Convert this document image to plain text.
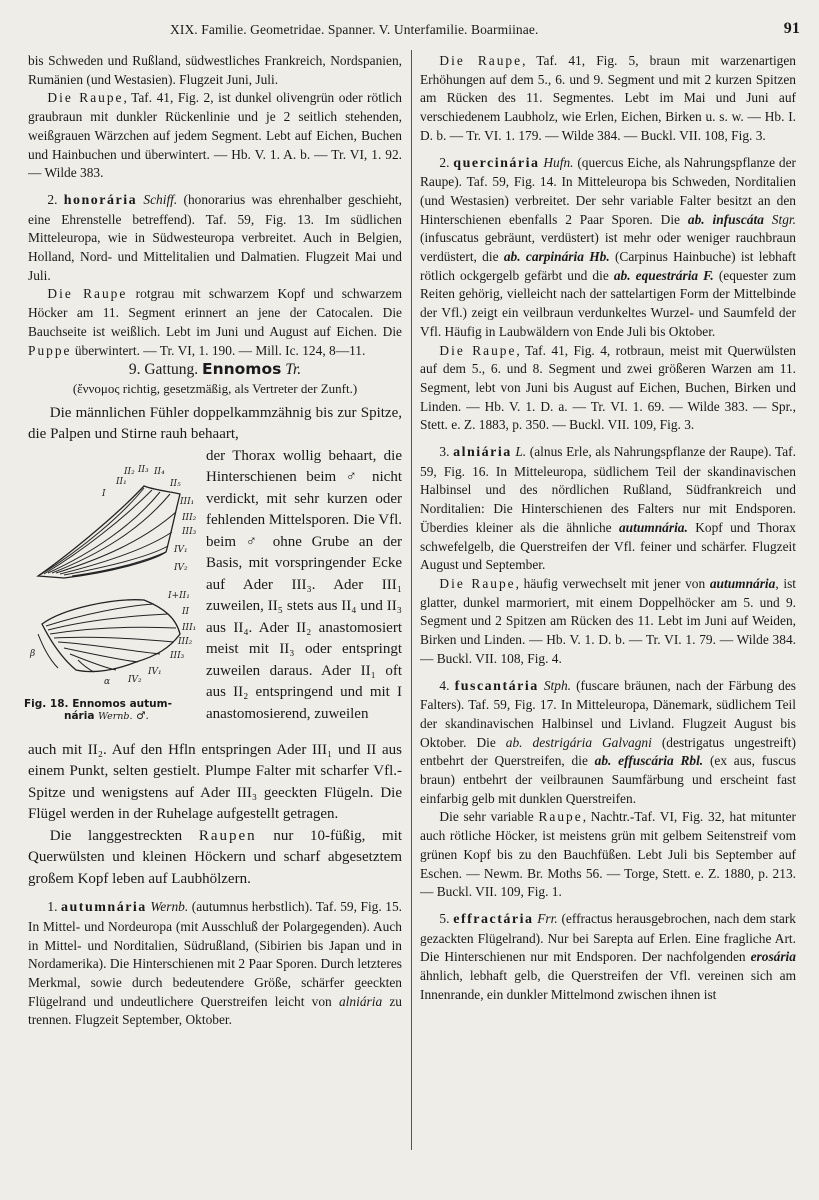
XIX. Familie. Geometridae. Spanner. V. Unterfamilie. Boarmiinae.	91

bis Schweden und Rußland, südwestliches Frankreich, Nordspanien, Rumänien (und Westasien). Flugzeit Juni, Juli.

Die Raupe, Taf. 41, Fig. 2, ist dunkel olivengrün oder rötlich graubraun mit dunkler Rückenlinie und je 2 seitlich stehenden, weißgrauen Wärzchen auf jedem Segment. Lebt auf Eichen, Buchen und Hainbuchen und überwintert. — Hb. V. 1. A. b. — Tr. VI, 1. 92. — Wilde 383.

2. honorária Schiff. (honorarius was ehrenhalber geschieht, eine Ehrenstelle betreffend). Taf. 59, Fig. 13. Im südlichen Mitteleuropa, wie in Südwesteuropa verbreitet. Auch in Belgien, Holland, Nord- und Mittelitalien und Dalmatien. Flugzeit Mai und Juli.

Die Raupe rotgrau mit schwarzem Kopf und schwarzem Höcker am 11. Segment erinnert an jene der Catocalen. Die Bauchseite ist weißlich. Lebt im Juni und August auf Eichen. Die Puppe überwintert. — Tr. VI, 1. 190. — Mill. Ic. 124, 8—11.

9. Gattung. Ennomos Tr.

(ἔννομος richtig, gesetzmäßig, als Vertreter der Zunft.)

Die männlichen Fühler doppelkammzähnig bis zur Spitze, die Palpen und Stirne rauh behaart,

II₂ II₃ II₄
II₅
II₁
I
III₁
III₂
III₃
IV₁
IV₂
I+II₁
II
III₁
III₂
III₃
IV₁
IV₂
β
α
Fig. 18. Ennomos autum-
nária Wernb. ♂.

der Thorax wollig behaart, die Hinterschienen beim ♂ nicht verdickt, mit sehr kurzen oder fehlenden Mittelsporen. Die Vfl. beim ♂ ohne Grube an der Basis, mit vorspringender Ecke auf Ader III₃. Ader III₁ zuweilen, II₅ stets aus II₄ und II₃ aus II₄. Ader II₂ anastomosiert meist mit II₃ oder entspringt zuweilen daraus. Ader II₁ oft aus II₂ entspringend und mit I anastomosierend, zuweilen

auch mit II₂. Auf den Hfln entspringen Ader III₁ und II aus einem Punkt, selten gestielt. Plumpe Falter mit scharfer Vfl.-Spitze und wenigstens auf Ader III₃ geeckten Flügeln. Die Flügel werden in der Ruhelage aufgestellt getragen.

Die langgestreckten Raupen nur 10-füßig, mit Querwülsten und kleinen Höckern und scharf abgesetztem großem Kopf leben auf Laubhölzern.

1. autumnária Wernb. (autumnus herbstlich). Taf. 59, Fig. 15. In Mittel- und Nordeuropa (mit Ausschluß der Polargegenden). Auch in Mittel- und Norditalien, Südrußland, (Sibirien bis Japan und in Nordamerika). Die Hinterschienen mit 2 Paar Sporen. Durch letzteres Merkmal, sowie durch bedeutendere Größe, schärfer geeckten Flügelrand und undeutlichere Querstreifen leicht von alniária zu trennen. Flugzeit September, Oktober.

Die Raupe, Taf. 41, Fig. 5, braun mit warzenartigen Erhöhungen auf dem 5., 6. und 9. Segment und mit 2 kurzen Spitzen am Rücken des 11. Segmentes. Lebt im Mai und Juni auf verschiedenem Laubholz, wie Erlen, Eichen, Birken u. s. w. — Hb. I. D. b. — Tr. VI. 1. 179. — Wilde 384. — Buckl. VII. 108, Fig. 3.

2. quercinária Hufn. (quercus Eiche, als Nahrungspflanze der Raupe). Taf. 59, Fig. 14. In Mitteleuropa bis Schweden, Norditalien (und Westasien) verbreitet. Der sehr variable Falter besitzt an den Hinterschienen ebenfalls 2 Paar Sporen. Die ab. infuscáta Stgr. (infuscatus gebräunt, verdüstert) ist mehr oder weniger rauchbraun verdüstert, die ab. carpinária Hb. (Carpinus Hainbuche) ist lebhaft rötlich ockgergelb gefärbt und die ab. equestrária F. (equester zum Reiten gehörig, vielleicht nach der sattelartigen Form der Mittelbinde der Vfl.) zeigt ein veilbraun verdunkeltes Wurzel- und Saumfeld der Vfl. Häufig in Laubwäldern von Ende Juli bis Oktober.

Die Raupe, Taf. 41, Fig. 4, rotbraun, meist mit Querwülsten auf dem 5., 6. und 8. Segment und zwei größeren Warzen am 11. Segment, lebt von Juni bis August auf Eichen, Buchen, Birken und Linden. — Hb. V. 1. D. a. — Tr. VI. 1. 69. — Wilde 383. — Spr., Stett. e. Z. 1883, p. 350. — Buckl. VII. 109, Fig. 3.

3. alniária L. (alnus Erle, als Nahrungspflanze der Raupe). Taf. 59, Fig. 16. In Mitteleuropa, südlichem Teil der skandinavischen Halbinsel und des nördlichen Rußland, Südfrankreich und Norditalien: Die Hinterschienen des Falters nur mit Endsporen. Überdies kleiner als die ähnliche autumnária. Kopf und Thorax schwefelgelb, die Querstreifen der Vfl. feiner und schärfer. Flugzeit August und September.

Die Raupe, häufig verwechselt mit jener von autumnária, ist glatter, dunkel marmoriert, mit einem Doppelhöcker am 5. und 9. Segment und 2 Spitzen am Rücken des 11. Lebt im Juni auf Weiden, Birken und Linden. — Hb. V. 1. D. b. — Tr. VI. 1. 79. — Wilde 384. — Buckl. VII. 108, Fig. 4.

4. fuscantária Stph. (fuscare bräunen, nach der Färbung des Falters). Taf. 59, Fig. 17. In Mitteleuropa, Dänemark, südlichem Teil der skandinavischen Halbinsel und Livland. Flugzeit August bis Oktober. Die ab. destrigária Galvagni (destrigatus ungestreift) entbehrt der Querstreifen, die ab. effuscária Rbl. (ex aus, fuscus braun) entbehrt der veilbraunen Saumfärbung und erscheint fast einfarbig gelb mit dunklen Querstreifen.

Die sehr variable Raupe, Nachtr.-Taf. VI, Fig. 32, hat mitunter auch rötliche Höcker, ist meistens grün mit gelbem Seitenstreif vom grünen Kopf bis zu den Bauchfüßen. Lebt Juli bis September auf Eschen. — Newm. Br. Moths 56. — Torge, Stett. e. Z. 1880, p. 213. — Buckl. VII. 109, Fig. 1.

5. effractária Frr. (effractus herausgebrochen, nach dem stark gezackten Flügelrand). Nur bei Sarepta auf Erlen. Eine fragliche Art. Die Hinterschienen nur mit Endsporen. Der nachfolgenden erosária ähnlich, lebhaft gelb, die Querstreifen der Vfl. vereinen sich am Innenrande, ein dunkler Mittelmond zwischen ihnen ist
